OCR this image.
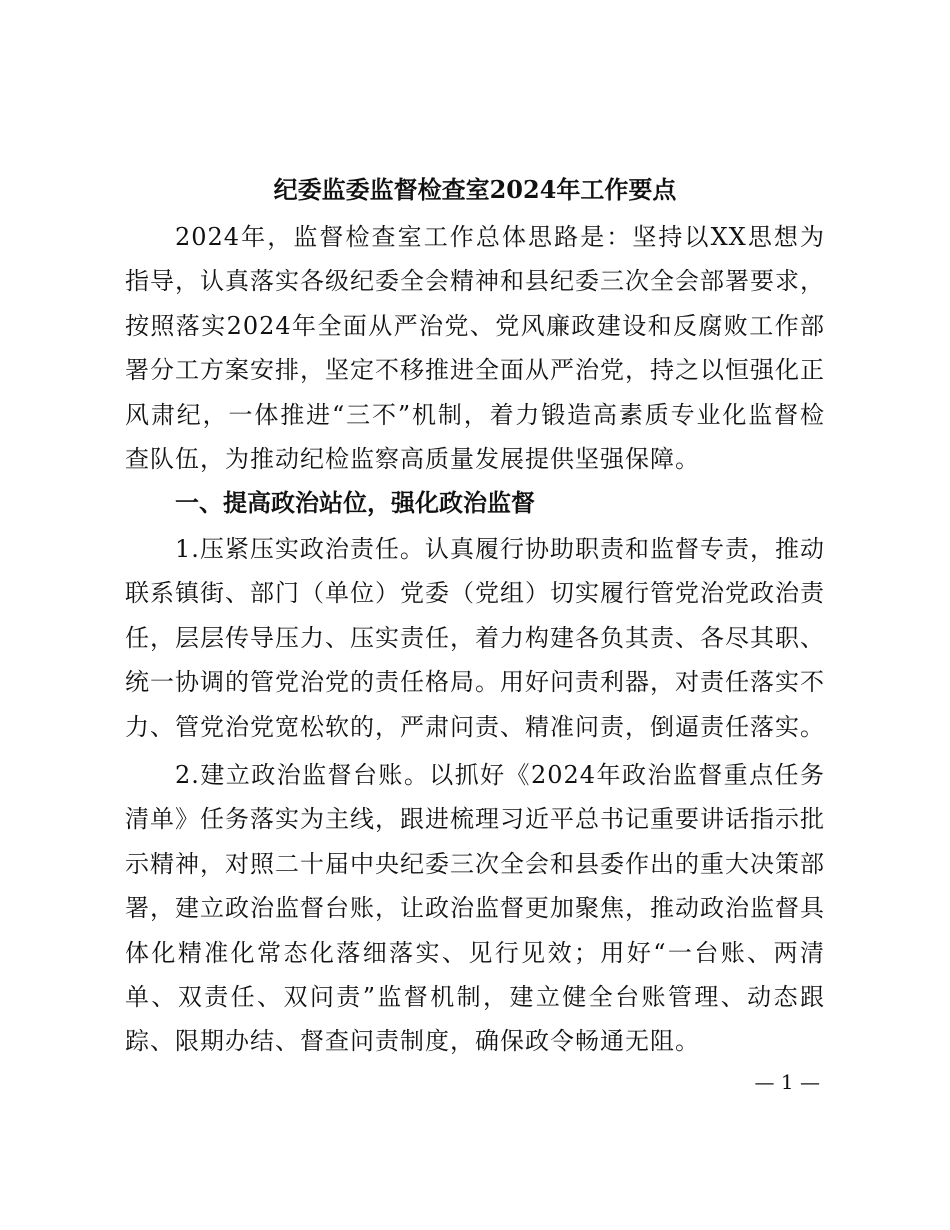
纪委监委监督检查室2024年工作要点
2024年，监督检查室工作总体思路是：坚持以XX思想为指导，认真落实各级纪委全会精神和县纪委三次全会部署要求，按照落实2024年全面从严治党、党风廉政建设和反腐败工作部署分工方案安排，坚定不移推进全面从严治党，持之以恒强化正风肃纪，一体推进“三不”机制，着力锻造高素质专业化监督检查队伍，为推动纪检监察高质量发展提供坚强保障。
一、提高政治站位，强化政治监督
1.压紧压实政治责任。认真履行协助职责和监督专责，推动联系镇街、部门（单位）党委（党组）切实履行管党治党政治责任，层层传导压力、压实责任，着力构建各负其责、各尽其职、统一协调的管党治党的责任格局。用好问责利器，对责任落实不力、管党治党宽松软的，严肃问责、精准问责，倒逼责任落实。
2.建立政治监督台账。以抓好《2024年政治监督重点任务清单》任务落实为主线，跟进梳理习近平总书记重要讲话指示批示精神，对照二十届中央纪委三次全会和县委作出的重大决策部署，建立政治监督台账，让政治监督更加聚焦，推动政治监督具体化精准化常态化落细落实、见行见效；用好“一台账、两清单、双责任、双问责”监督机制，建立健全台账管理、动态跟踪、限期办结、督查问责制度，确保政令畅通无阻。
— 1 —
